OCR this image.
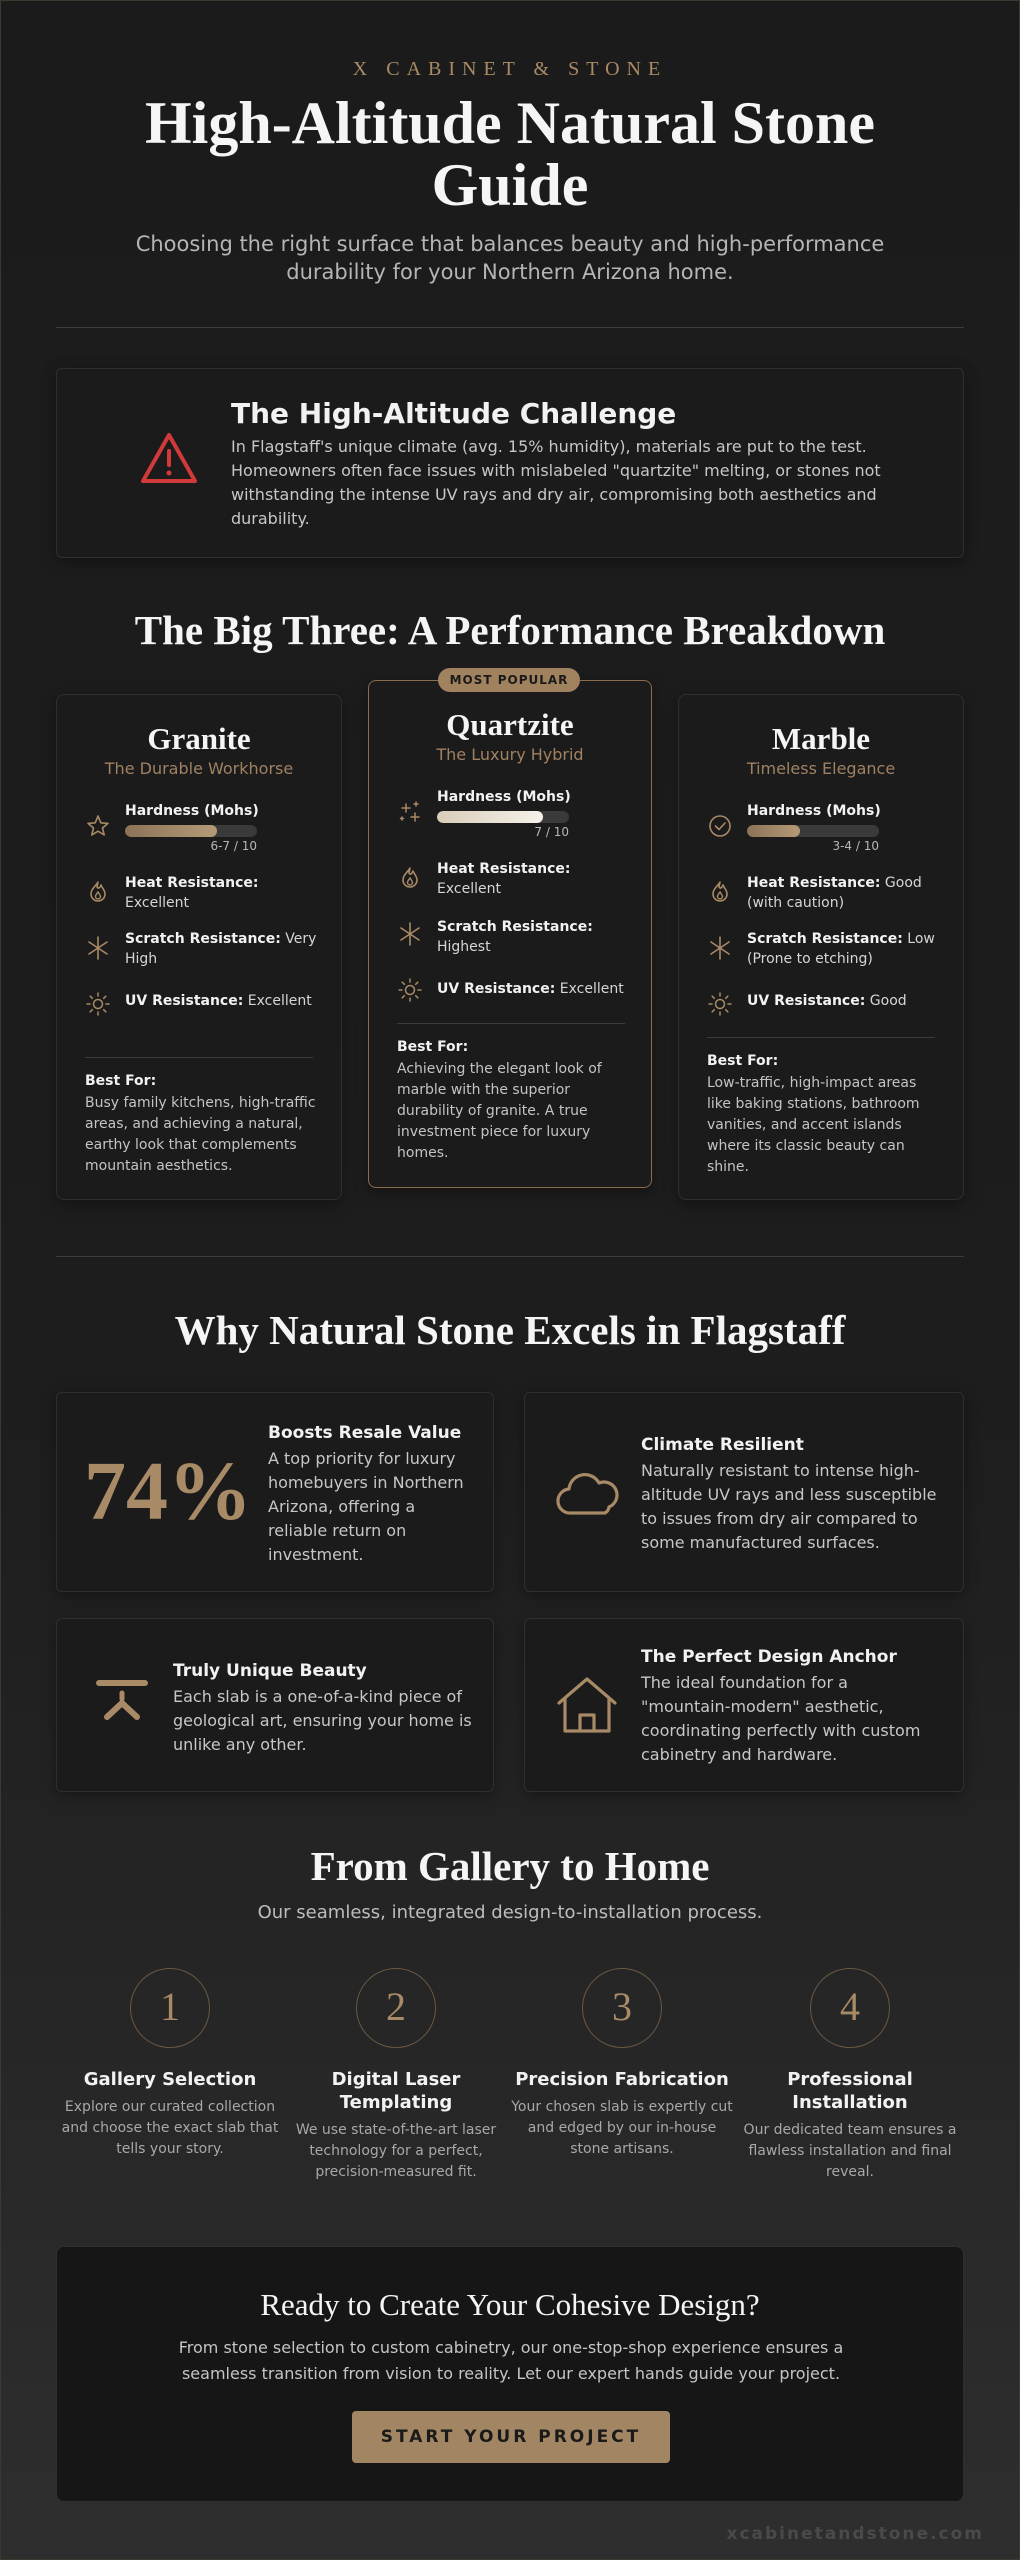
X CABINET & STONE
High-Altitude Natural Stone Guide

Choosing the right surface that balances beauty and high-performance durability for your Northern Arizona home.

The High-Altitude Challenge

In Flagstaff's unique climate (avg. 15% humidity), materials are put to the test. Homeowners often face issues with mislabeled "quartzite" melting, or stones not withstanding the intense UV rays and dry air, compromising both aesthetics and durability.

The Big Three: A Performance Breakdown
Granite
The Durable Workhorse
Hardness (Mohs)
6-7 / 10
Heat Resistance: Excellent
Scratch Resistance: Very High
UV Resistance: Excellent
Best For:
Busy family kitchens, high-traffic areas, and achieving a natural, earthy look that complements mountain aesthetics.
MOST POPULAR
Quartzite
The Luxury Hybrid
Hardness (Mohs)
7 / 10
Heat Resistance: Excellent
Scratch Resistance: Highest
UV Resistance: Excellent
Best For:
Achieving the elegant look of marble with the superior durability of granite. A true investment piece for luxury homes.
Marble
Timeless Elegance
Hardness (Mohs)
3-4 / 10
Heat Resistance: Good (with caution)
Scratch Resistance: Low (Prone to etching)
UV Resistance: Good
Best For:
Low-traffic, high-impact areas like baking stations, bathroom vanities, and accent islands where its classic beauty can shine.
Why Natural Stone Excels in Flagstaff
74%
Boosts Resale Value
A top priority for luxury homebuyers in Northern Arizona, offering a reliable return on investment.
Climate Resilient
Naturally resistant to intense high-altitude UV rays and less susceptible to issues from dry air compared to some manufactured surfaces.
Truly Unique Beauty
Each slab is a one-of-a-kind piece of geological art, ensuring your home is unlike any other.
The Perfect Design Anchor
The ideal foundation for a "mountain-modern" aesthetic, coordinating perfectly with custom cabinetry and hardware.
From Gallery to Home

Our seamless, integrated design-to-installation process.

1
Gallery Selection

Explore our curated collection and choose the exact slab that tells your story.

2
Digital Laser Templating

We use state-of-the-art laser technology for a perfect, precision-measured fit.

3
Precision Fabrication

Your chosen slab is expertly cut and edged by our in-house stone artisans.

4
Professional Installation

Our dedicated team ensures a flawless installation and final reveal.

Ready to Create Your Cohesive Design?

From stone selection to custom cabinetry, our one-stop-shop experience ensures a seamless transition from vision to reality. Let our expert hands guide your project.

START YOUR PROJECT
xcabinetandstone.com
